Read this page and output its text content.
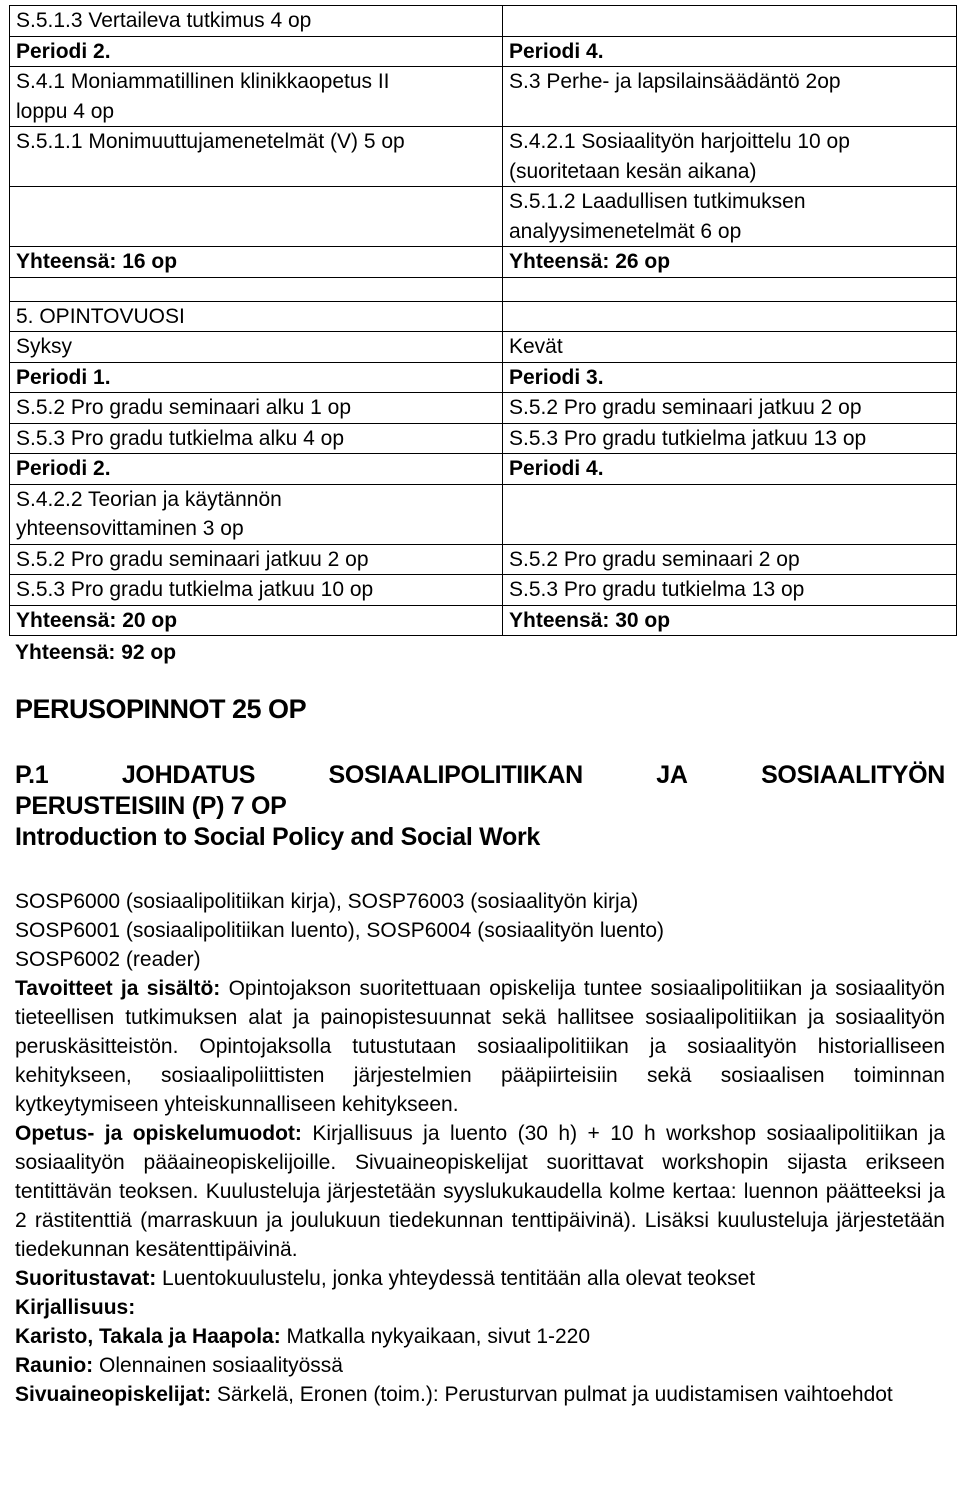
S.5.1.3 Vertaileva tutkimus 4 op	
Periodi 2.	Periodi 4.
S.4.1 Moniammatillinen klinikkaopetus II
loppu 4 op	S.3 Perhe- ja lapsilainsäädäntö 2op
S.5.1.1 Monimuuttujamenetelmät (V) 5 op	S.4.2.1 Sosiaalityön harjoittelu 10 op
(suoritetaan kesän aikana)
	S.5.1.2 Laadullisen tutkimuksen
analyysimenetelmät 6 op
Yhteensä: 16 op	Yhteensä: 26 op

5. OPINTOVUOSI	
Syksy	Kevät
Periodi 1.	Periodi 3.
S.5.2 Pro gradu seminaari alku 1 op	S.5.2 Pro gradu seminaari jatkuu 2 op
S.5.3 Pro gradu tutkielma alku 4 op	S.5.3 Pro gradu tutkielma jatkuu 13 op
Periodi 2.	Periodi 4.
S.4.2.2 Teorian ja käytännön
yhteensovittaminen 3 op	
S.5.2 Pro gradu seminaari jatkuu 2 op	S.5.2 Pro gradu seminaari 2 op
S.5.3 Pro gradu tutkielma jatkuu 10 op	S.5.3 Pro gradu tutkielma 13 op
Yhteensä: 20 op	Yhteensä: 30 op
Yhteensä: 92 op
PERUSOPINNOT 25 OP
P.1	JOHDATUS	SOSIAALIPOLITIIKAN	JA	SOSIAALITYÖN
PERUSTEISIIN (P) 7 OP
Introduction to Social Policy and Social Work

SOSP6000 (sosiaalipolitiikan kirja), SOSP76003 (sosiaalityön kirja)

SOSP6001 (sosiaalipolitiikan luento), SOSP6004 (sosiaalityön luento)

SOSP6002 (reader)

Tavoitteet ja sisältö: Opintojakson suoritettuaan opiskelija tuntee sosiaalipolitiikan ja sosiaalityön tieteellisen tutkimuksen alat ja painopistesuunnat sekä hallitsee sosiaalipolitiikan ja sosiaalityön peruskäsitteistön. Opintojaksolla tutustutaan sosiaalipolitiikan ja sosiaalityön historialliseen kehitykseen, sosiaalipoliittisten järjestelmien pääpiirteisiin sekä sosiaalisen toiminnan kytkeytymiseen yhteiskunnalliseen kehitykseen.

Opetus- ja opiskelumuodot: Kirjallisuus ja luento (30 h) + 10 h workshop sosiaalipolitiikan ja sosiaalityön pääaineopiskelijoille. Sivuaineopiskelijat suorittavat workshopin sijasta erikseen tentittävän teoksen. Kuulusteluja järjestetään syyslukukaudella kolme kertaa: luennon päätteeksi ja 2 rästitenttiä (marraskuun ja joulukuun tiedekunnan tenttipäivinä). Lisäksi kuulusteluja järjestetään tiedekunnan kesätenttipäivinä.

Suoritustavat: Luentokuulustelu, jonka yhteydessä tentitään alla olevat teokset

Kirjallisuus:

Karisto, Takala ja Haapola: Matkalla nykyaikaan, sivut 1-220

Raunio: Olennainen sosiaalityössä

Sivuaineopiskelijat: Särkelä, Eronen (toim.): Perusturvan pulmat ja uudistamisen vaihtoehdot
